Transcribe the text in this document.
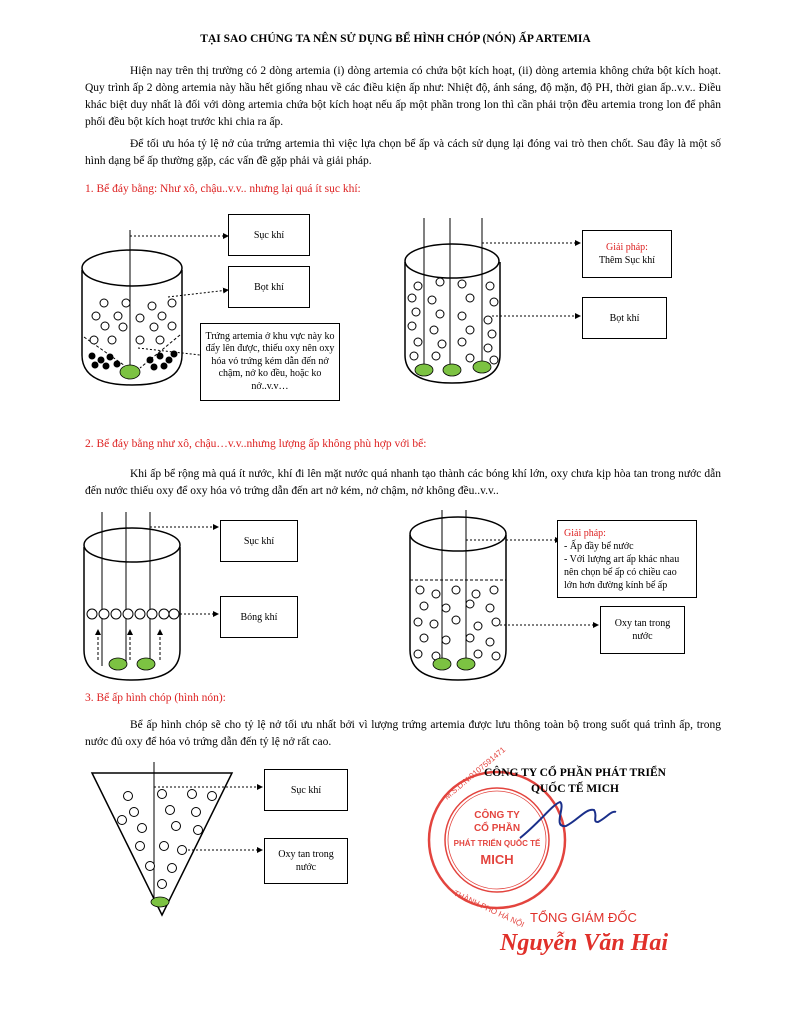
TẠI SAO CHÚNG TA NÊN SỬ DỤNG BỂ HÌNH CHÓP (NÓN) ẤP ARTEMIA
Hiện nay trên thị trường có 2 dòng artemia (i) dòng artemia có chứa bột kích hoạt, (ii) dòng artemia không chứa bột kích hoạt. Quy trình ấp 2 dòng artemia này hầu hết giống nhau về các điều kiện ấp như: Nhiệt độ, ánh sáng, độ mặn, độ PH, thời gian ấp..v.v.. Điều khác biệt duy nhất là đối với dòng artemia chứa bột kích hoạt nếu ấp một phần trong lon thì cần phải trộn đều artemia trong lon để phân phối đều bột kích hoạt trước khi chia ra ấp.
Để tối ưu hóa tỷ lệ nở của trứng artemia thì việc lựa chọn bể ấp và cách sử dụng lại đóng vai trò then chốt. Sau đây là một số hình dạng bể ấp thường gặp, các vấn đề gặp phải và giải pháp.
1. Bể đáy bằng: Như xô, chậu..v.v.. nhưng lại quá ít sục khí:
2. Bể đáy bằng như xô, chậu…v.v..nhưng lượng ấp không phù hợp với bể:
Khi ấp bể rộng mà quá ít nước, khí đi lên mặt nước quá nhanh tạo thành các bóng khí lớn, oxy chưa kịp hòa tan trong nước dẫn đến nước thiếu oxy để oxy hóa vỏ trứng dẫn đến art nở kém, nở chậm, nở không đều..v.v..
3. Bể ấp hình chóp (hình nón):
Bể ấp hình chóp sẽ cho tỷ lệ nở tối ưu nhất bởi vì lượng trứng artemia được lưu thông toàn bộ trong suốt quá trình ấp, trong nước đủ oxy để hóa vỏ trứng dẫn đến tỷ lệ nở rất cao.
CÔNG TY
CỔ PHẦN
PHÁT TRIỂN QUỐC TẾ
MICH
M.S.D.N:0107591471
THÀNH PHỐ HÀ NỘI
Sục khí
Bọt khí
Trứng artemia ở khu vực này ko đẩy lên được, thiếu oxy nên oxy hóa vỏ trứng kém dẫn đến nở chậm, nở ko đều, hoặc ko nở..v.v…
Giải pháp:
Thêm Sục khí
Bọt khí
Sục khí
Bóng khí
Giải pháp:
- Ấp đầy bể nước
- Với lượng art ấp khác nhau nên chọn bể ấp có chiều cao lớn hơn đường kính bể ấp
Oxy tan trong nước
Sục khí
Oxy tan trong nước
CÔNG TY CỔ PHẦN PHÁT TRIỂN
QUỐC TẾ MICH
TỔNG GIÁM ĐỐC
Nguyễn Văn Hai
